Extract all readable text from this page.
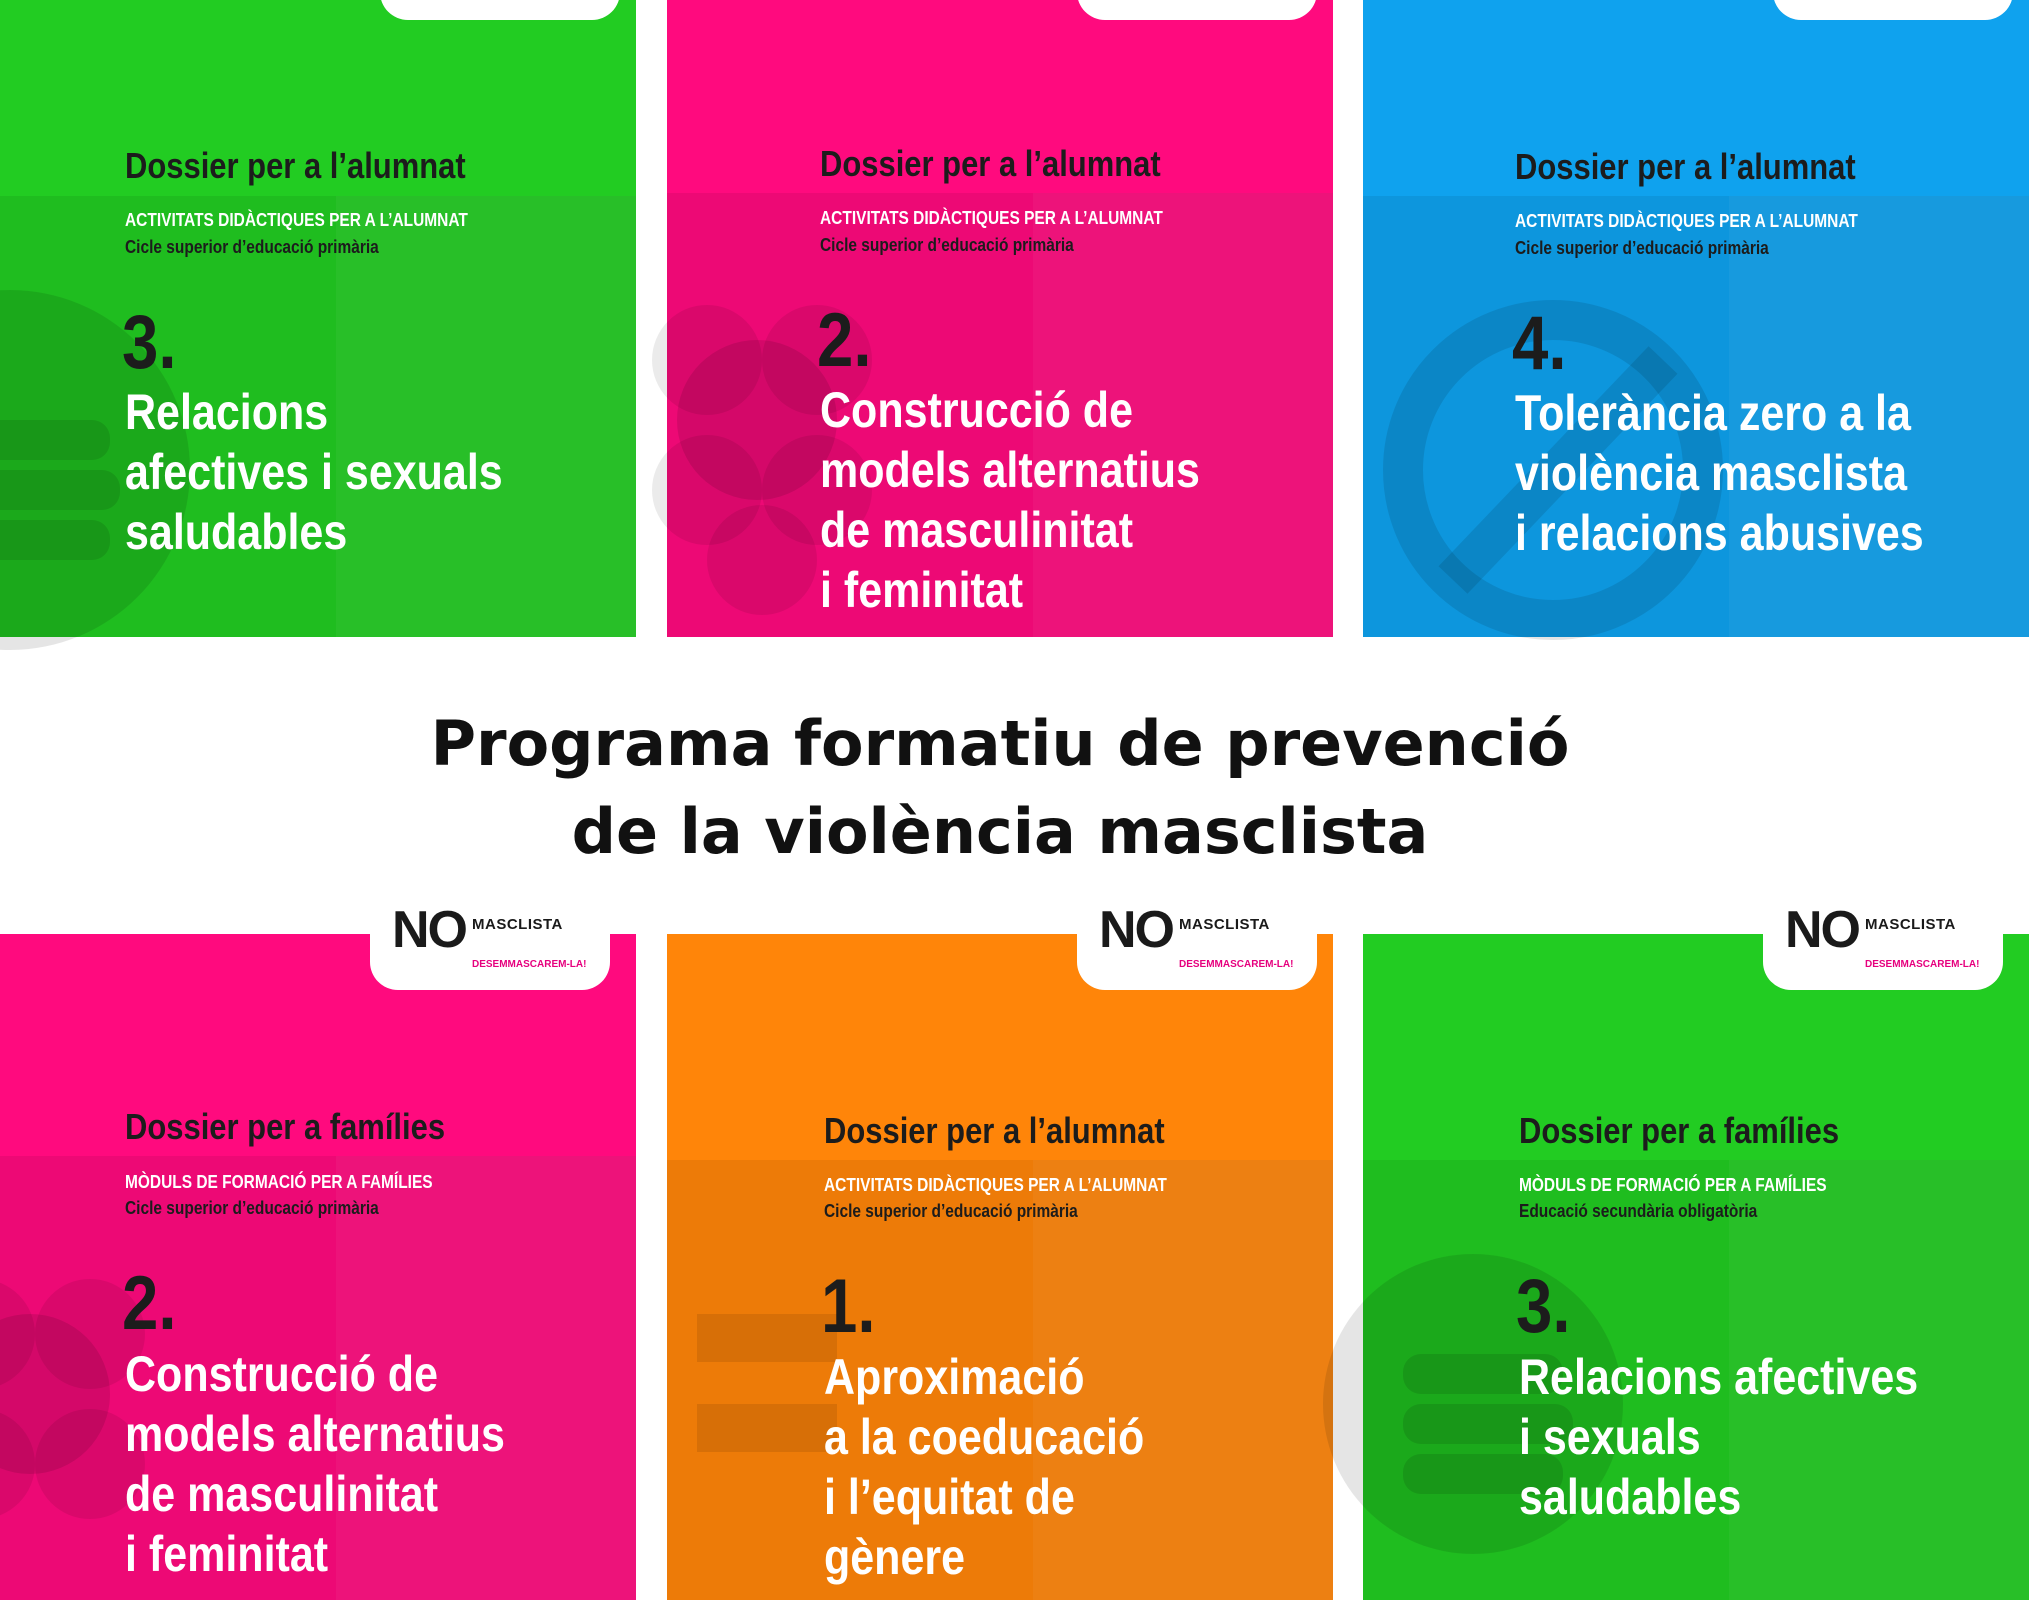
Dossier per a l’alumnat
ACTIVITATS DIDÀCTIQUES PER A L’ALUMNAT
Cicle superior d’educació primària
3.
Relacions
afectives i sexuals
saludables
Dossier per a l’alumnat
ACTIVITATS DIDÀCTIQUES PER A L’ALUMNAT
Cicle superior d’educació primària
2.
Construcció de
models alternatius
de masculinitat
i feminitat
Dossier per a l’alumnat
ACTIVITATS DIDÀCTIQUES PER A L’ALUMNAT
Cicle superior d’educació primària
4.
Tolerància zero a la
violència masclista
i relacions abusives
Programa formatiu de prevenció
de la violència masclista
NO MASCLISTA
DESEMMASCAREM-LA!
Dossier per a famílies
MÒDULS DE FORMACIÓ PER A FAMÍLIES
Cicle superior d’educació primària
2.
Construcció de
models alternatius
de masculinitat
i feminitat
NO MASCLISTA
DESEMMASCAREM-LA!
Dossier per a l’alumnat
ACTIVITATS DIDÀCTIQUES PER A L’ALUMNAT
Cicle superior d’educació primària
1.
Aproximació
a la coeducació
i l’equitat de
gènere
NO MASCLISTA
DESEMMASCAREM-LA!
Dossier per a famílies
MÒDULS DE FORMACIÓ PER A FAMÍLIES
Educació secundària obligatòria
3.
Relacions afectives
i sexuals
saludables
